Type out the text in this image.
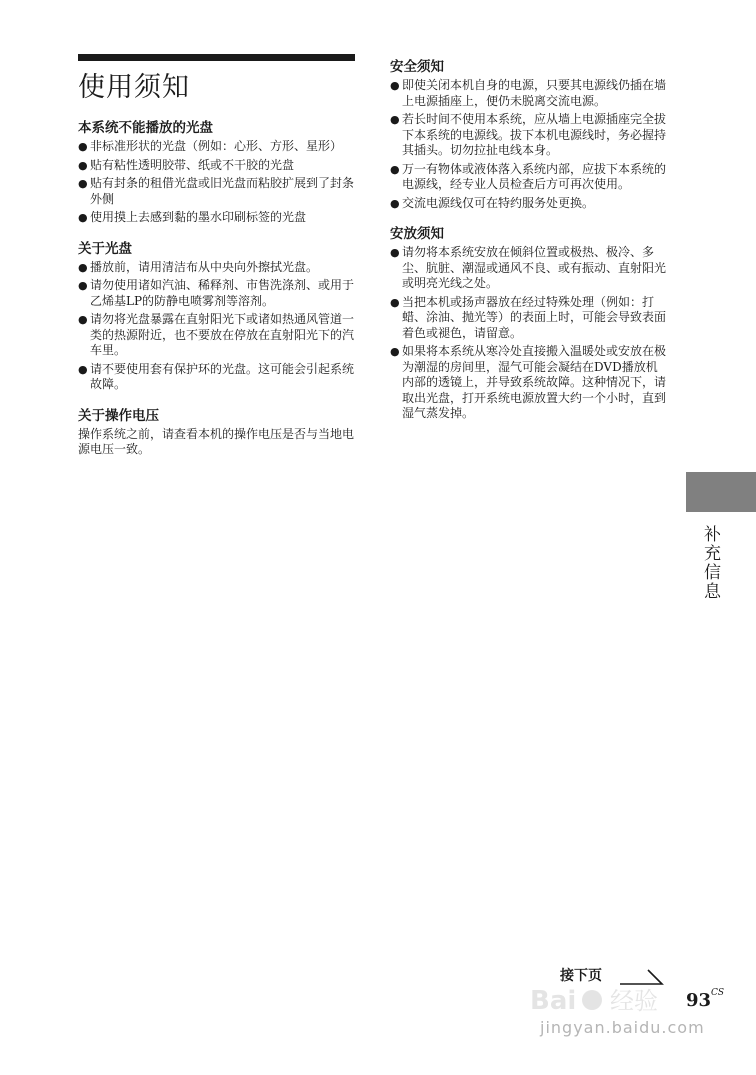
使用须知
本系统不能播放的光盘
● 非标准形状的光盘（例如：心形、方形、星形）
● 贴有粘性透明胶带、纸或不干胶的光盘
● 贴有封条的租借光盘或旧光盘而粘胶扩展到了封条外侧
● 使用摸上去感到黏的墨水印刷标签的光盘
关于光盘
● 播放前，请用清洁布从中央向外擦拭光盘。
● 请勿使用诸如汽油、稀释剂、市售洗涤剂、或用于乙烯基LP的防静电喷雾剂等溶剂。
● 请勿将光盘暴露在直射阳光下或诸如热通风管道一类的热源附近，也不要放在停放在直射阳光下的汽车里。
● 请不要使用套有保护环的光盘。这可能会引起系统故障。
关于操作电压

操作系统之前，请查看本机的操作电压是否与当地电源电压一致。

安全须知
● 即使关闭本机自身的电源，只要其电源线仍插在墙上电源插座上，便仍未脱离交流电源。
● 若长时间不使用本系统，应从墙上电源插座完全拔下本系统的电源线。拔下本机电源线时，务必握持其插头。切勿拉扯电线本身。
● 万一有物体或液体落入系统内部，应拔下本系统的电源线，经专业人员检查后方可再次使用。
● 交流电源线仅可在特约服务处更换。
安放须知
● 请勿将本系统安放在倾斜位置或极热、极冷、多尘、肮脏、潮湿或通风不良、或有振动、直射阳光或明亮光线之处。
● 当把本机或扬声器放在经过特殊处理（例如：打蜡、涂油、抛光等）的表面上时，可能会导致表面着色或褪色，请留意。
● 如果将本系统从寒冷处直接搬入温暖处或安放在极为潮湿的房间里，湿气可能会凝结在DVD播放机内部的透镜上，并导致系统故障。这种情况下，请取出光盘，打开系统电源放置大约一个小时，直到湿气蒸发掉。
补充信息
接下页
93 CS
Bai 经验
jingyan.baidu.com
